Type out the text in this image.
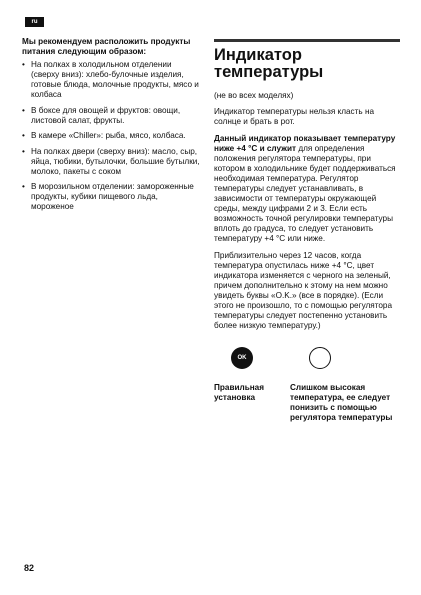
ru

Мы рекомендуем расположить продукты питания следующим образом:

• На полках в холодильном отделении (сверху вниз): хлебо-булочные изделия, готовые блюда, молочные продукты, мясо и колбаса
• В боксе для овощей и фруктов: овощи, листовой салат, фрукты.
• В камере «Chiller»: рыба, мясо, колбаса.
• На полках двери (сверху вниз): масло, сыр, яйца, тюбики, бутылочки, большие бутылки, молоко, пакеты с соком
• В морозильном отделении: замороженные продукты, кубики пищевого льда, мороженое
Индикатор температуры

(не во всех моделях)

Индикатор температуры нельзя класть на солнце и брать в рот.

Данный индикатор показывает температуру ниже +4 °C и служит для определения положения регулятора температуры, при котором в холодильнике будет поддерживаться необходимая температура. Регулятор температуры следует устанавливать, в зависимости от температуры окружающей среды, между цифрами 2 и 3. Если есть возможность точной регулировки температуры вплоть до градуса, то следует установить температуру +4 °C или ниже.

Приблизительно через 12 часов, когда температура опустилась ниже +4 °C, цвет индикатора изменяется с черного на зеленый, причем дополнительно к этому на нем можно увидеть буквы «O.K.» (все в порядке). (Если этого не произошло, то с помощью регулятора температуры следует постепенно установить более низкую температуру.)

OK
Правильная установка
Слишком высокая температура, ее следует понизить с помощью регулятора температуры
82
